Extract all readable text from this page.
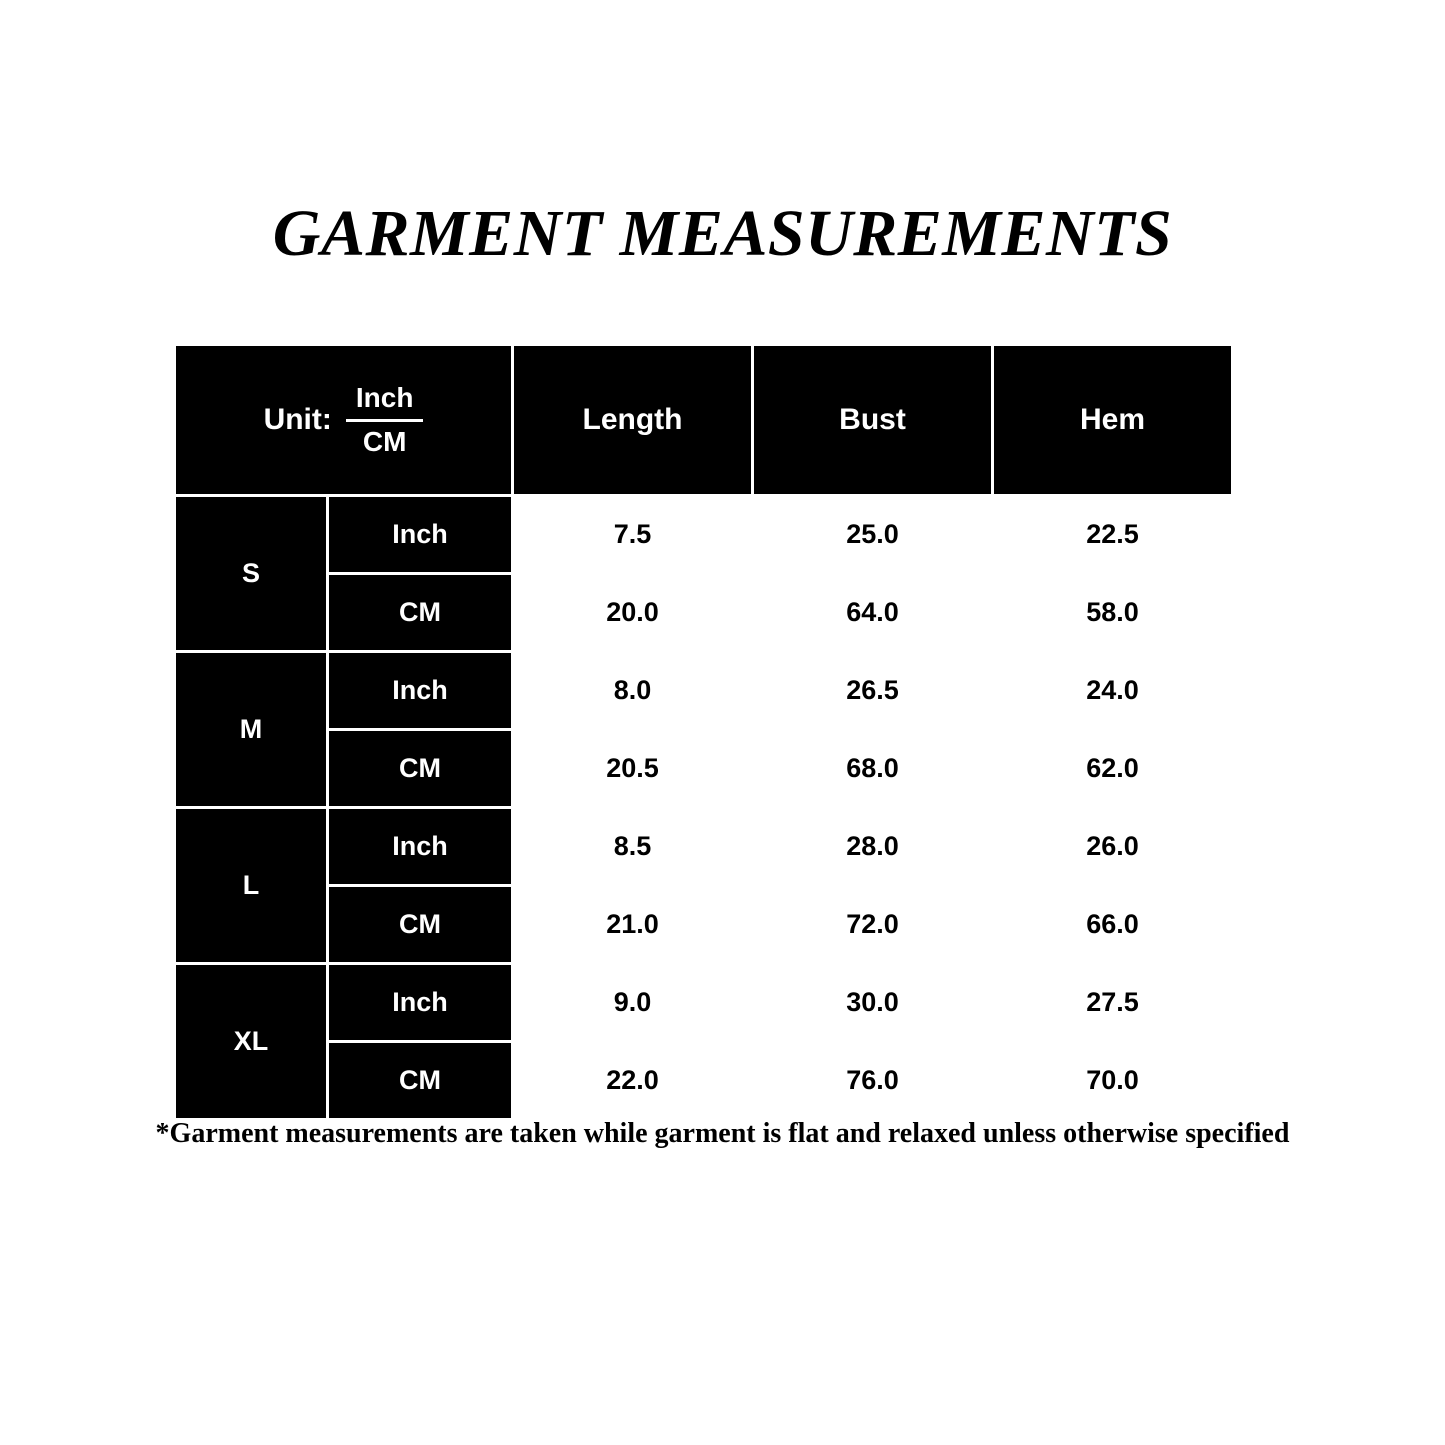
GARMENT MEASUREMENTS
Unit: $\frac{\text{Inch}}{CM}$		Length	Bust	Hem
S	Inch	7.5	25.0	22.5
	CM	20.0	64.0	58.0
M	Inch	8.0	26.5	24.0
	CM	20.5	68.0	62.0
L	Inch	8.5	28.0	26.0
	CM	21.0	72.0	66.0
XL	Inch	9.0	30.0	27.5
	CM	22.0	76.0	70.0
*Garment measurements are taken while garment is flat and relaxed unless otherwise specified
